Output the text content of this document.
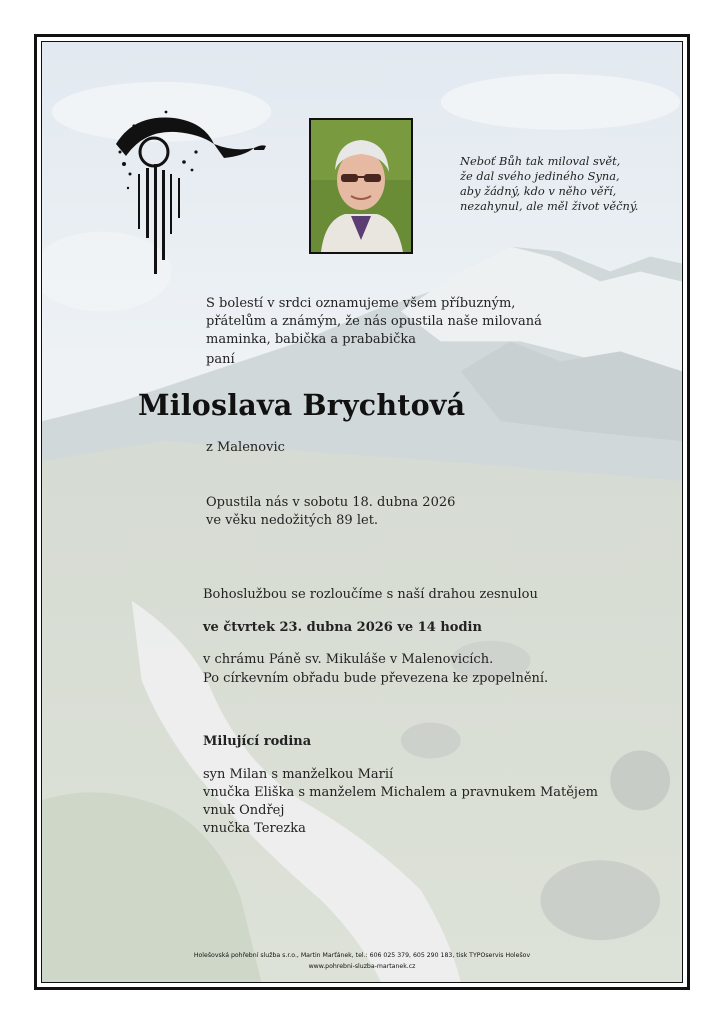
Neboť Bůh tak miloval svět,
že dal svého jediného Syna,
aby žádný, kdo v něho věří,
nezahynul, ale měl život věčný.
S bolestí v srdci oznamujeme všem příbuzným,
přátelům a známým, že nás opustila naše milovaná
maminka, babička a prababička
paní
Miloslava Brychtová
z Malenovic
Opustila nás v sobotu 18. dubna 2026
ve věku nedožitých 89 let.
Bohoslužbou se rozloučíme s naší drahou zesnulou
ve čtvrtek 23. dubna 2026 ve 14 hodin
v chrámu Páně sv. Mikuláše v Malenovicích.
Po církevním obřadu bude převezena ke zpopelnění.
Milující rodina
syn Milan s manželkou Marií
vnučka Eliška s manželem Michalem a pravnukem Matějem
vnuk Ondřej
vnučka Terezka
Holešovská pohřební služba s.r.o., Martin Marťánek, tel.: 606 025 379, 605 290 183, tisk TYPOservis Holešov
www.pohrebni-sluzba-martanek.cz
